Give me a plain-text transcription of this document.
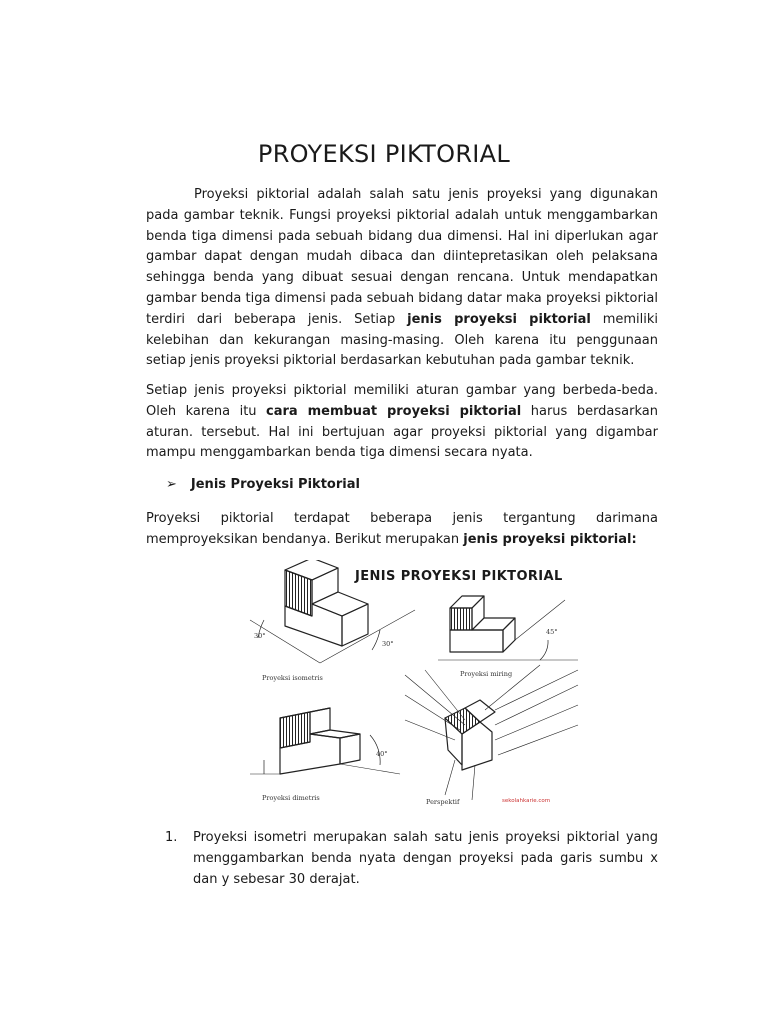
PROYEKSI PIKTORIAL

Proyeksi piktorial adalah salah satu jenis proyeksi yang digunakan pada gambar teknik. Fungsi proyeksi piktorial adalah untuk menggambarkan benda tiga dimensi pada sebuah bidang dua dimensi. Hal ini diperlukan agar gambar dapat dengan mudah dibaca dan diintepretasikan oleh pelaksana sehingga benda yang dibuat sesuai dengan rencana. Untuk mendapatkan gambar benda tiga dimensi pada sebuah bidang datar maka proyeksi piktorial terdiri dari beberapa jenis. Setiap jenis proyeksi piktorial memiliki kelebihan dan kekurangan masing-masing. Oleh karena itu penggunaan setiap jenis proyeksi piktorial berdasarkan kebutuhan pada gambar teknik.

Setiap jenis proyeksi piktorial memiliki aturan gambar yang berbeda-beda. Oleh karena itu cara membuat proyeksi piktorial harus berdasarkan aturan. tersebut. Hal ini bertujuan agar proyeksi piktorial yang digambar mampu menggambarkan benda tiga dimensi secara nyata.

➢ Jenis Proyeksi Piktorial

Proyeksi piktorial terdapat beberapa jenis tergantung darimana memproyeksikan bendanya. Berikut merupakan jenis proyeksi piktorial:

JENIS PROYEKSI PIKTORIAL
Proyeksi isometris	Proyeksi miring
Proyeksi dimetris	Perspektif
30°
30°
45°
40°
sekolahkarie.com
1.	Proyeksi isometri merupakan salah satu jenis proyeksi piktorial yang menggambarkan benda nyata dengan proyeksi pada garis sumbu x dan y sebesar 30 derajat.
